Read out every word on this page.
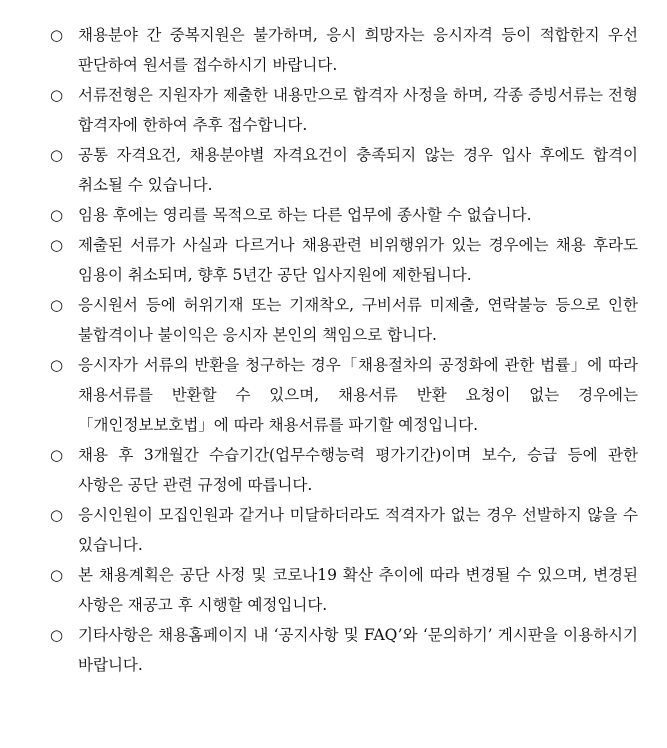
○ 채용분야 간 중복지원은 불가하며, 응시 희망자는 응시자격 등이 적합한지 우선 판단하여 원서를 접수하시기 바랍니다.
○ 서류전형은 지원자가 제출한 내용만으로 합격자 사정을 하며, 각종 증빙서류는 전형 합격자에 한하여 추후 접수합니다.
○ 공통 자격요건, 채용분야별 자격요건이 충족되지 않는 경우 입사 후에도 합격이 취소될 수 있습니다.
○ 임용 후에는 영리를 목적으로 하는 다른 업무에 종사할 수 없습니다.
○ 제출된 서류가 사실과 다르거나 채용관련 비위행위가 있는 경우에는 채용 후라도 임용이 취소되며, 향후 5년간 공단 입사지원에 제한됩니다.
○ 응시원서 등에 허위기재 또는 기재착오, 구비서류 미제출, 연락불능 등으로 인한 불합격이나 불이익은 응시자 본인의 책임으로 합니다.
○ 응시자가 서류의 반환을 청구하는 경우「채용절차의 공정화에 관한 법률」에 따라 채용서류를 반환할 수 있으며, 채용서류 반환 요청이 없는 경우에는「개인정보보호법」에 따라 채용서류를 파기할 예정입니다.
○ 채용 후 3개월간 수습기간(업무수행능력 평가기간)이며 보수, 승급 등에 관한 사항은 공단 관련 규정에 따릅니다.
○ 응시인원이 모집인원과 같거나 미달하더라도 적격자가 없는 경우 선발하지 않을 수 있습니다.
○ 본 채용계획은 공단 사정 및 코로나19 확산 추이에 따라 변경될 수 있으며, 변경된 사항은 재공고 후 시행할 예정입니다.
○ 기타사항은 채용홈페이지 내 ‘공지사항 및 FAQ’와 ‘문의하기’ 게시판을 이용하시기 바랍니다.
